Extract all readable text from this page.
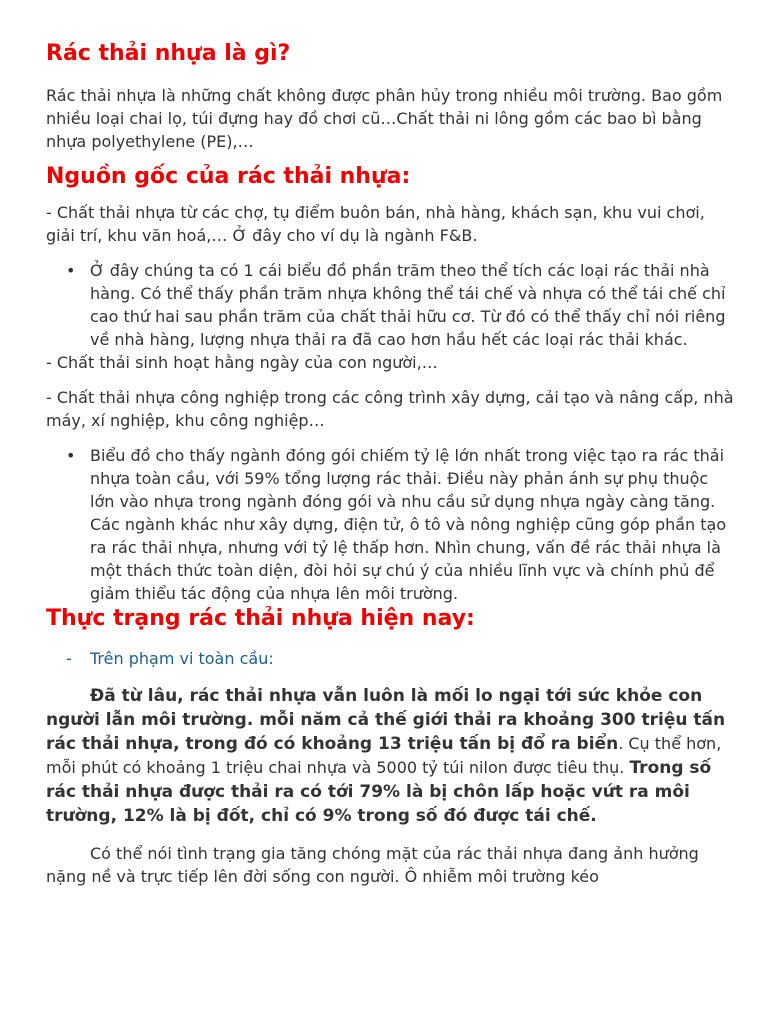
Rác thải nhựa là gì?

Rác thải nhựa là những chất không được phân hủy trong nhiều môi trường. Bao gồm nhiều loại chai lọ, túi đựng hay đồ chơi cũ…Chất thải ni lông gồm các bao bì bằng nhựa polyethylene (PE),…

Nguồn gốc của rác thải nhựa:

- Chất thải nhựa từ các chợ, tụ điểm buôn bán, nhà hàng, khách sạn, khu vui chơi, giải trí, khu văn hoá,… Ở đây cho ví dụ là ngành F&B.

• Ở đây chúng ta có 1 cái biểu đồ phần trăm theo thể tích các loại rác thải nhà hàng. Có thể thấy phần trăm nhựa không thể tái chế và nhựa có thể tái chế chỉ cao thứ hai sau phần trăm của chất thải hữu cơ. Từ đó có thể thấy chỉ nói riêng về nhà hàng, lượng nhựa thải ra đã cao hơn hầu hết các loại rác thải khác.

- Chất thải sinh hoạt hằng ngày của con người,…

- Chất thải nhựa công nghiệp trong các công trình xây dựng, cải tạo và nâng cấp, nhà máy, xí nghiệp, khu công nghiệp…

• Biểu đồ cho thấy ngành đóng gói chiếm tỷ lệ lớn nhất trong việc tạo ra rác thải nhựa toàn cầu, với 59% tổng lượng rác thải. Điều này phản ánh sự phụ thuộc lớn vào nhựa trong ngành đóng gói và nhu cầu sử dụng nhựa ngày càng tăng. Các ngành khác như xây dựng, điện tử, ô tô và nông nghiệp cũng góp phần tạo ra rác thải nhựa, nhưng với tỷ lệ thấp hơn. Nhìn chung, vấn đề rác thải nhựa là một thách thức toàn diện, đòi hỏi sự chú ý của nhiều lĩnh vực và chính phủ để giảm thiểu tác động của nhựa lên môi trường.
Thực trạng rác thải nhựa hiện nay:
- Trên phạm vi toàn cầu:

Đã từ lâu, rác thải nhựa vẫn luôn là mối lo ngại tới sức khỏe con người lẫn môi trường. mỗi năm cả thế giới thải ra khoảng 300 triệu tấn rác thải nhựa, trong đó có khoảng 13 triệu tấn bị đổ ra biển. Cụ thể hơn, mỗi phút có khoảng 1 triệu chai nhựa và 5000 tỷ túi nilon được tiêu thụ. Trong số rác thải nhựa được thải ra có tới 79% là bị chôn lấp hoặc vứt ra môi trường, 12% là bị đốt, chỉ có 9% trong số đó được tái chế.

Có thể nói tình trạng gia tăng chóng mặt của rác thải nhựa đang ảnh hưởng nặng nề và trực tiếp lên đời sống con người. Ô nhiễm môi trường kéo
